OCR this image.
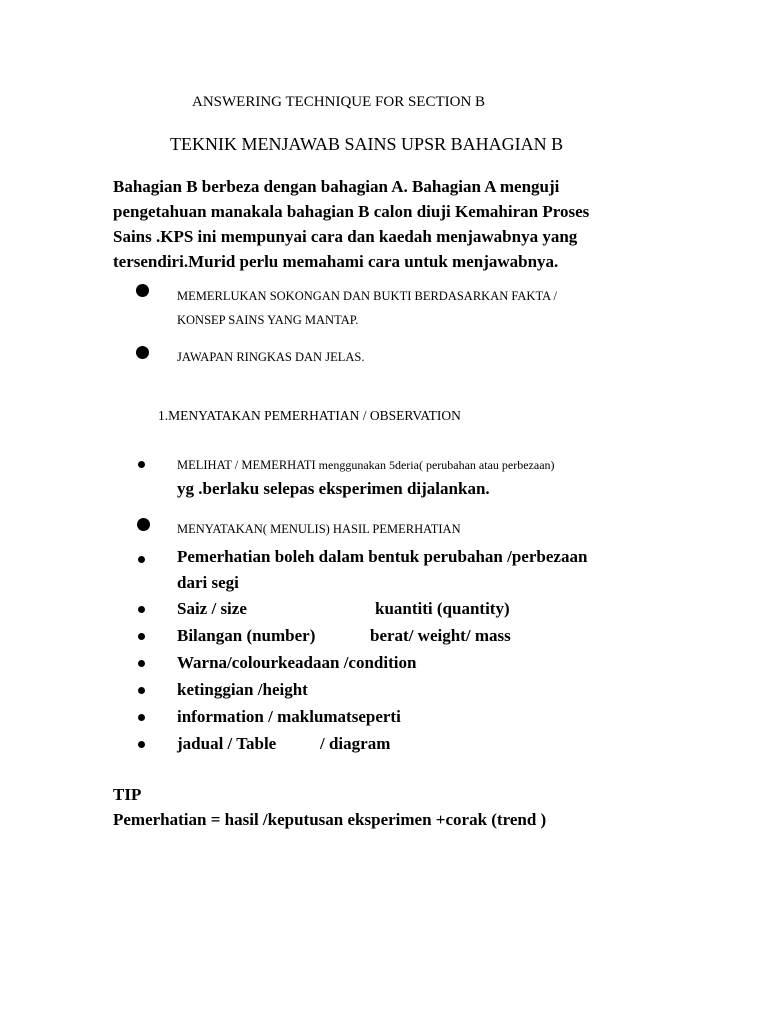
ANSWERING TECHNIQUE FOR SECTION B
TEKNIK MENJAWAB SAINS UPSR BAHAGIAN B
Bahagian B berbeza dengan bahagian A. Bahagian A menguji
pengetahuan manakala bahagian B calon diuji Kemahiran Proses
Sains .KPS ini mempunyai cara dan kaedah menjawabnya yang
tersendiri.Murid perlu memahami cara untuk menjawabnya.
MEMERLUKAN SOKONGAN DAN BUKTI BERDASARKAN FAKTA /
KONSEP SAINS YANG MANTAP.
JAWAPAN RINGKAS DAN JELAS.
1.MENYATAKAN PEMERHATIAN / OBSERVATION
MELIHAT / MEMERHATI menggunakan 5deria( perubahan atau perbezaan)
yg .berlaku selepas eksperimen dijalankan.
MENYATAKAN( MENULIS) HASIL PEMERHATIAN
Pemerhatian boleh dalam bentuk perubahan /perbezaan
dari segi
Saiz / size	kuantiti (quantity)
Bilangan (number)	berat/ weight/ mass
Warna/colourkeadaan /condition
ketinggian /height
information / maklumatseperti
jadual / Table	/ diagram
TIP
Pemerhatian = hasil /keputusan eksperimen +corak (trend )
